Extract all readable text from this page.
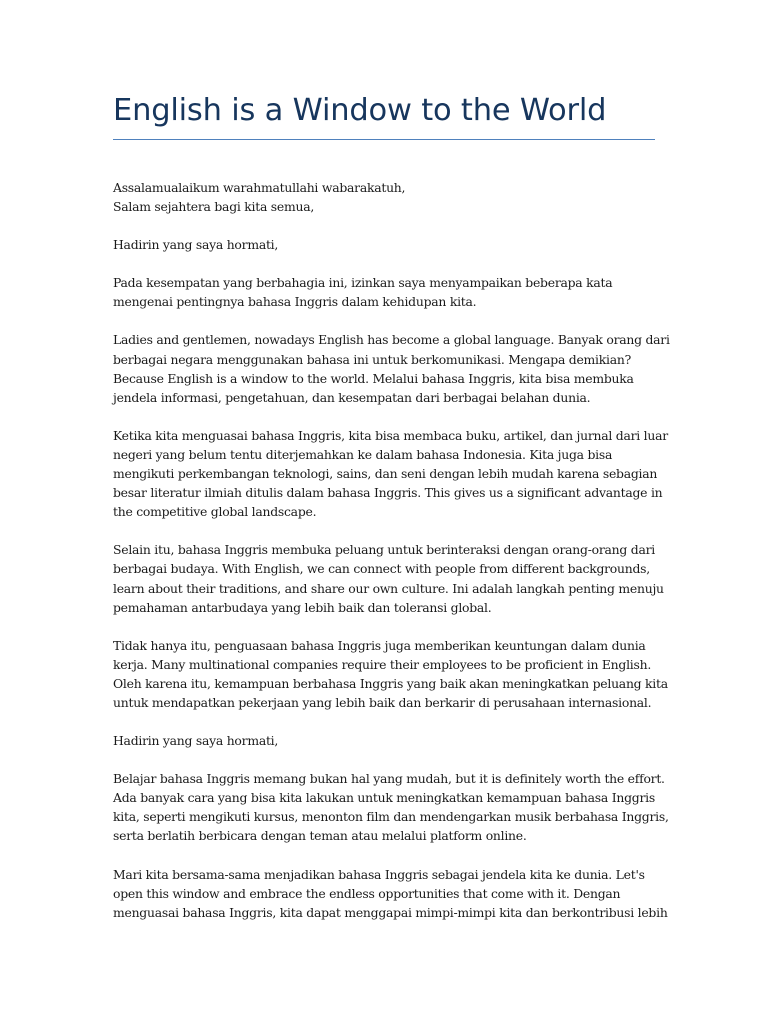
English is a Window to the World

Assalamualaikum warahmatullahi wabarakatuh,
Salam sejahtera bagi kita semua,

Hadirin yang saya hormati,

Pada kesempatan yang berbahagia ini, izinkan saya menyampaikan beberapa kata
mengenai pentingnya bahasa Inggris dalam kehidupan kita.

Ladies and gentlemen, nowadays English has become a global language. Banyak orang dari
berbagai negara menggunakan bahasa ini untuk berkomunikasi. Mengapa demikian?
Because English is a window to the world. Melalui bahasa Inggris, kita bisa membuka
jendela informasi, pengetahuan, dan kesempatan dari berbagai belahan dunia.

Ketika kita menguasai bahasa Inggris, kita bisa membaca buku, artikel, dan jurnal dari luar
negeri yang belum tentu diterjemahkan ke dalam bahasa Indonesia. Kita juga bisa
mengikuti perkembangan teknologi, sains, dan seni dengan lebih mudah karena sebagian
besar literatur ilmiah ditulis dalam bahasa Inggris. This gives us a significant advantage in
the competitive global landscape.

Selain itu, bahasa Inggris membuka peluang untuk berinteraksi dengan orang-orang dari
berbagai budaya. With English, we can connect with people from different backgrounds,
learn about their traditions, and share our own culture. Ini adalah langkah penting menuju
pemahaman antarbudaya yang lebih baik dan toleransi global.

Tidak hanya itu, penguasaan bahasa Inggris juga memberikan keuntungan dalam dunia
kerja. Many multinational companies require their employees to be proficient in English.
Oleh karena itu, kemampuan berbahasa Inggris yang baik akan meningkatkan peluang kita
untuk mendapatkan pekerjaan yang lebih baik dan berkarir di perusahaan internasional.

Hadirin yang saya hormati,

Belajar bahasa Inggris memang bukan hal yang mudah, but it is definitely worth the effort.
Ada banyak cara yang bisa kita lakukan untuk meningkatkan kemampuan bahasa Inggris
kita, seperti mengikuti kursus, menonton film dan mendengarkan musik berbahasa Inggris,
serta berlatih berbicara dengan teman atau melalui platform online.

Mari kita bersama-sama menjadikan bahasa Inggris sebagai jendela kita ke dunia. Let's
open this window and embrace the endless opportunities that come with it. Dengan
menguasai bahasa Inggris, kita dapat menggapai mimpi-mimpi kita dan berkontribusi lebih
